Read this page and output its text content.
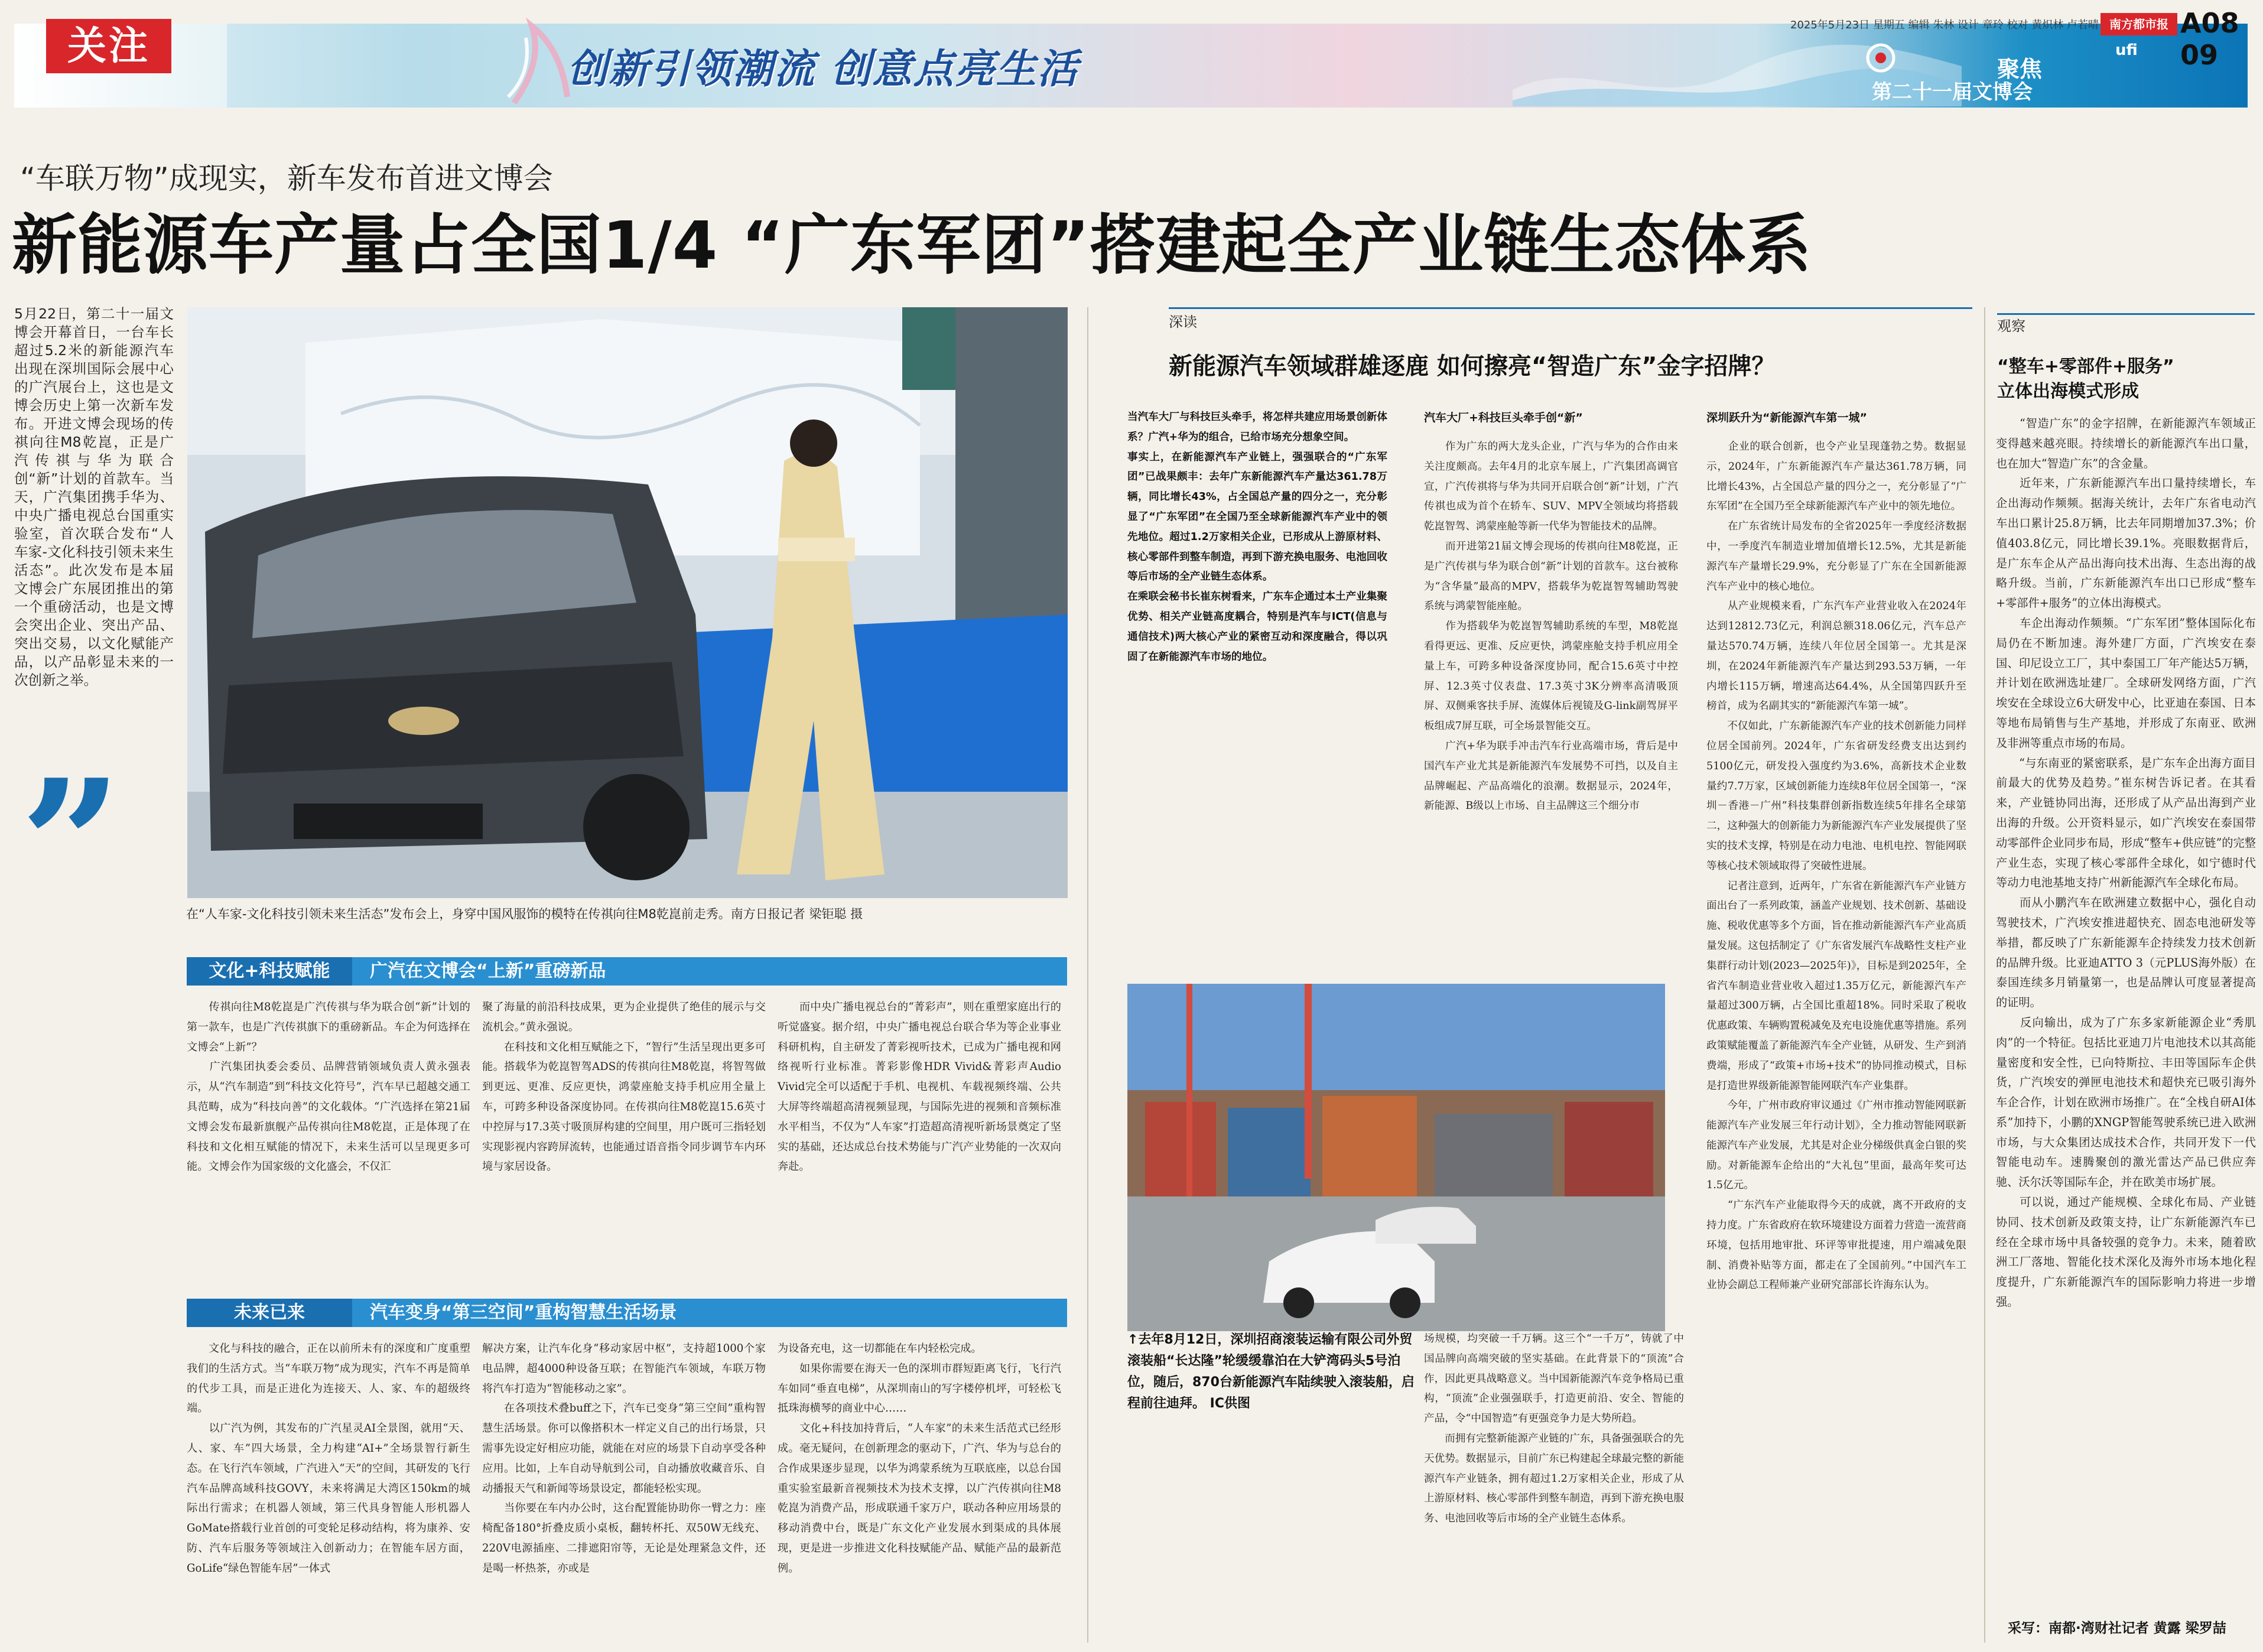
关注	创新引领潮流 创意点亮生活	ufi
聚焦
第二十一届文博会
2025年5月23日 星期五 编辑 朱林 设计 章玲 校对 黄炽林 卢若晴 南方都市报 A08 09
“车联万物”成现实，新车发布首进文博会
新能源车产量占全国1/4 “广东军团”搭建起全产业链生态体系
5月22日，第二十一届文博会开幕首日，一台车长超过5.2米的新能源汽车出现在深圳国际会展中心的广汽展台上，这也是文博会历史上第一次新车发布。开进文博会现场的传祺向往M8乾崑，正是广汽传祺与华为联合创“新”计划的首款车。当天，广汽集团携手华为、中央广播电视总台国重实验室，首次联合发布“人车家-文化科技引领未来生活态”。此次发布是本届文博会广东展团推出的第一个重磅活动，也是文博会突出企业、突出产品、突出交易，以文化赋能产品，以产品彰显未来的一次创新之举。
”	在“人车家-文化科技引领未来生活态”发布会上，身穿中国风服饰的模特在传祺向往M8乾崑前走秀。南方日报记者 梁钜聪 摄
文化+科技赋能	广汽在文博会“上新”重磅新品
　　传祺向往M8乾崑是广汽传祺与华为联合创“新”计划的第一款车，也是广汽传祺旗下的重磅新品。车企为何选择在文博会“上新”？
　　广汽集团执委会委员、品牌营销领域负责人黄永强表示，从“汽车制造”到“科技文化符号”，汽车早已超越交通工具范畴，成为“科技向善”的文化载体。“广汽选择在第21届文博会发布最新旗舰产品传祺向往M8乾崑，正是体现了在科技和文化相互赋能的情况下，未来生活可以呈现更多可能。文博会作为国家级的文化盛会，不仅汇
聚了海量的前沿科技成果，更为企业提供了绝佳的展示与交流机会。”黄永强说。
　　在科技和文化相互赋能之下，“智行”生活呈现出更多可能。搭载华为乾崑智驾ADS的传祺向往M8乾崑，将智驾做到更远、更准、反应更快，鸿蒙座舱支持手机应用全量上车，可跨多种设备深度协同。在传祺向往M8乾崑15.6英寸中控屏与17.3英寸吸顶屏构建的空间里，用户既可三指轻划实现影视内容跨屏流转，也能通过语音指令同步调节车内环境与家居设备。
　　而中央广播电视总台的“菁彩声”，则在重塑家庭出行的听觉盛宴。据介绍，中央广播电视总台联合华为等企业事业科研机构，自主研发了菁彩视听技术，已成为广播电视和网络视听行业标准。菁彩影像HDR Vivid&菁彩声Audio Vivid完全可以适配于手机、电视机、车载视频终端、公共大屏等终端超高清视频显现，与国际先进的视频和音频标准水平相当，不仅为“人车家”打造超高清视听新场景奠定了坚实的基础，还达成总台技术势能与广汽产业势能的一次双向奔赴。
未来已来	汽车变身“第三空间”重构智慧生活场景
　　文化与科技的融合，正在以前所未有的深度和广度重塑我们的生活方式。当“车联万物”成为现实，汽车不再是简单的代步工具，而是正进化为连接天、人、家、车的超级终端。
　　以广汽为例，其发布的广汽星灵AI全景图，就用“天、人、家、车”四大场景，全力构建“AI+”全场景智行新生态。在飞行汽车领域，广汽进入“天”的空间，其研发的飞行汽车品牌高域科技GOVY，未来将满足大湾区150km的城际出行需求；在机器人领域，第三代具身智能人形机器人GoMate搭载行业首创的可变轮足移动结构，将为康养、安防、汽车后服务等领域注入创新动力；在智能车居方面，GoLife“绿色智能车居”一体式
解决方案，让汽车化身“移动家居中枢”，支持超1000个家电品牌，超4000种设备互联；在智能汽车领域，车联万物将汽车打造为“智能移动之家”。
　　在各项技术叠buff之下，汽车已变身“第三空间”重构智慧生活场景。你可以像搭积木一样定义自己的出行场景，只需事先设定好相应功能，就能在对应的场景下自动享受各种应用。比如，上车自动导航到公司，自动播放收藏音乐、自动播报天气和新闻等场景设定，都能轻松实现。
　　当你要在车内办公时，这台配置能协助你一臂之力：座椅配备180°折叠皮质小桌板，翻转杯托、双50W无线充、220V电源插座、二排遮阳帘等，无论是处理紧急文件，还是喝一杯热茶，亦或是
为设备充电，这一切都能在车内轻松完成。
　　如果你需要在海天一色的深圳市群短距离飞行，飞行汽车如同“垂直电梯”，从深圳南山的写字楼停机坪，可轻松飞抵珠海横琴的商业中心……
　　文化+科技加持背后，“人车家”的未来生活范式已经形成。毫无疑问，在创新理念的驱动下，广汽、华为与总台的合作成果逐步显现，以华为鸿蒙系统为互联底座，以总台国重实验室最新音视频技术为技术支撑，以广汽传祺向往M8乾崑为消费产品，形成联通千家万户，联动各种应用场景的移动消费中台，既是广东文化产业发展水到渠成的具体展现，更是进一步推进文化科技赋能产品、赋能产品的最新范例。
深读
新能源汽车领域群雄逐鹿 如何擦亮“智造广东”金字招牌？
当汽车大厂与科技巨头牵手，将怎样共建应用场景创新体系？广汽+华为的组合，已给市场充分想象空间。
事实上，在新能源汽车产业链上，强强联合的“广东军团”已战果颇丰：去年广东新能源汽车产量达361.78万辆，同比增长43%，占全国总产量的四分之一，充分彰显了“广东军团”在全国乃至全球新能源汽车产业中的领先地位。超过1.2万家相关企业，已形成从上游原材料、核心零部件到整车制造，再到下游充换电服务、电池回收等后市场的全产业链生态体系。
在乘联会秘书长崔东树看来，广东车企通过本土产业集聚优势、相关产业链高度耦合，特别是汽车与ICT(信息与通信技术)两大核心产业的紧密互动和深度融合，得以巩固了在新能源汽车市场的地位。
汽车大厂+科技巨头牵手创“新”
　　作为广东的两大龙头企业，广汽与华为的合作由来关注度颇高。去年4月的北京车展上，广汽集团高调官宣，广汽传祺将与华为共同开启联合创“新”计划，广汽传祺也成为首个在轿车、SUV、MPV全领域均将搭载乾崑智驾、鸿蒙座舱等新一代华为智能技术的品牌。
　　而开进第21届文博会现场的传祺向往M8乾崑，正是广汽传祺与华为联合创“新”计划的首款车。这台被称为“含华量”最高的MPV，搭载华为乾崑智驾辅助驾驶系统与鸿蒙智能座舱。
　　作为搭载华为乾崑智驾辅助系统的车型，M8乾崑看得更远、更准、反应更快，鸿蒙座舱支持手机应用全量上车，可跨多种设备深度协同，配合15.6英寸中控屏、12.3英寸仪表盘、17.3英寸3K分辨率高清吸顶屏、双侧乘客扶手屏、流媒体后视镜及G-link副驾屏平板组成7屏互联，可全场景智能交互。
　　广汽+华为联手冲击汽车行业高端市场，背后是中国汽车产业尤其是新能源汽车发展势不可挡，以及自主品牌崛起、产品高端化的浪潮。数据显示，2024年，新能源、B级以上市场、自主品牌这三个细分市
深圳跃升为“新能源汽车第一城”
　　企业的联合创新，也令产业呈现蓬勃之势。数据显示，2024年，广东新能源汽车产量达361.78万辆，同比增长43%，占全国总产量的四分之一，充分彰显了“广东军团”在全国乃至全球新能源汽车产业中的领先地位。
　　在广东省统计局发布的全省2025年一季度经济数据中，一季度汽车制造业增加值增长12.5%，尤其是新能源汽车产量增长29.9%，充分彰显了广东在全国新能源汽车产业中的核心地位。
　　从产业规模来看，广东汽车产业营业收入在2024年达到12812.73亿元，利润总额318.06亿元，汽车总产量达570.74万辆，连续八年位居全国第一。尤其是深圳，在2024年新能源汽车产量达到293.53万辆，一年内增长115万辆，增速高达64.4%，从全国第四跃升至榜首，成为名副其实的“新能源汽车第一城”。
　　不仅如此，广东新能源汽车产业的技术创新能力同样位居全国前列。2024年，广东省研发经费支出达到约5100亿元，研发投入强度约为3.6%，高新技术企业数量约7.7万家，区域创新能力连续8年位居全国第一，“深圳－香港－广州”科技集群创新指数连续5年排名全球第二，这种强大的创新能力为新能源汽车产业发展提供了坚实的技术支撑，特别是在动力电池、电机电控、智能网联等核心技术领域取得了突破性进展。
　　记者注意到，近两年，广东省在新能源汽车产业链方面出台了一系列政策，涵盖产业规划、技术创新、基础设施、税收优惠等多个方面，旨在推动新能源汽车产业高质量发展。这包括制定了《广东省发展汽车战略性支柱产业集群行动计划(2023—2025年)》，目标是到2025年，全省汽车制造业营业收入超过1.35万亿元，新能源汽车产量超过300万辆，占全国比重超18%。同时采取了税收优惠政策、车辆购置税减免及充电设施优惠等措施。系列政策赋能覆盖了新能源汽车全产业链，从研发、生产到消费端，形成了“政策+市场+技术”的协同推动模式，目标是打造世界级新能源智能网联汽车产业集群。
　　今年，广州市政府审议通过《广州市推动智能网联新能源汽车产业发展三年行动计划》，全力推动智能网联新能源汽车产业发展，尤其是对企业分梯级供真金白银的奖励。对新能源车企给出的“大礼包”里面，最高年奖可达1.5亿元。
　　“广东汽车产业能取得今天的成就，离不开政府的支持力度。广东省政府在软环境建设方面着力营造一流营商环境，包括用地审批、环评等审批提速，用户端减免限制、消费补贴等方面，都走在了全国前列。”中国汽车工业协会副总工程师兼产业研究部部长许海东认为。
↑去年8月12日，深圳招商滚装运输有限公司外贸滚装船“长达隆”轮缓缓靠泊在大铲湾码头5号泊位，随后，870台新能源汽车陆续驶入滚装船，启程前往迪拜。 IC供图
场规模，均突破一千万辆。这三个“一千万”，铸就了中国品牌向高端突破的坚实基础。在此背景下的“顶流”合作，因此更具战略意义。当中国新能源汽车竞争格局已重构，“顶流”企业强强联手，打造更前沿、安全、智能的产品，令“中国智造”有更强竞争力是大势所趋。
　　而拥有完整新能源产业链的广东，具备强强联合的先天优势。数据显示，目前广东已构建起全球最完整的新能源汽车产业链条，拥有超过1.2万家相关企业，形成了从上游原材料、核心零部件到整车制造，再到下游充换电服务、电池回收等后市场的全产业链生态体系。
观察
“整车+零部件+服务”
立体出海模式形成
　　“智造广东”的金字招牌，在新能源汽车领域正变得越来越亮眼。持续增长的新能源汽车出口量，也在加大“智造广东”的含金量。
　　近年来，广东新能源汽车出口量持续增长，车企出海动作频频。据海关统计，去年广东省电动汽车出口累计25.8万辆，比去年同期增加37.3%；价值403.8亿元，同比增长39.1%。亮眼数据背后，是广东车企从产品出海向技术出海、生态出海的战略升级。当前，广东新能源汽车出口已形成“整车+零部件+服务”的立体出海模式。
　　车企出海动作频频。“广东军团”整体国际化布局仍在不断加速。海外建厂方面，广汽埃安在泰国、印尼设立工厂，其中泰国工厂年产能达5万辆，并计划在欧洲选址建厂。全球研发网络方面，广汽埃安在全球设立6大研发中心，比亚迪在泰国、日本等地布局销售与生产基地，并形成了东南亚、欧洲及非洲等重点市场的布局。
　　“与东南亚的紧密联系，是广东车企出海方面目前最大的优势及趋势。”崔东树告诉记者。在其看来，产业链协同出海，还形成了从产品出海到产业出海的升级。公开资料显示，如广汽埃安在泰国带动零部件企业同步布局，形成“整车+供应链”的完整产业生态，实现了核心零部件全球化，如宁德时代等动力电池基地支持广州新能源汽车全球化布局。
　　而从小鹏汽车在欧洲建立数据中心，强化自动驾驶技术，广汽埃安推进超快充、固态电池研发等举措，都反映了广东新能源车企持续发力技术创新的品牌升级。比亚迪ATTO 3（元PLUS海外版）在泰国连续多月销量第一，也是品牌认可度显著提高的证明。
　　反向输出，成为了广东多家新能源企业“秀肌肉”的一个特征。包括比亚迪刀片电池技术以其高能量密度和安全性，已向特斯拉、丰田等国际车企供货，广汽埃安的弹匣电池技术和超快充已吸引海外车企合作，计划在欧洲市场推广。在“全栈自研AI体系”加持下，小鹏的XNGP智能驾驶系统已进入欧洲市场，与大众集团达成技术合作，共同开发下一代智能电动车。速腾聚创的激光雷达产品已供应奔驰、沃尔沃等国际车企，并在欧美市场扩展。
　　可以说，通过产能规模、全球化布局、产业链协同、技术创新及政策支持，让广东新能源汽车已经在全球市场中具备较强的竞争力。未来，随着欧洲工厂落地、智能化技术深化及海外市场本地化程度提升，广东新能源汽车的国际影响力将进一步增强。
采写：南都·湾财社记者 黄露 梁罗喆
